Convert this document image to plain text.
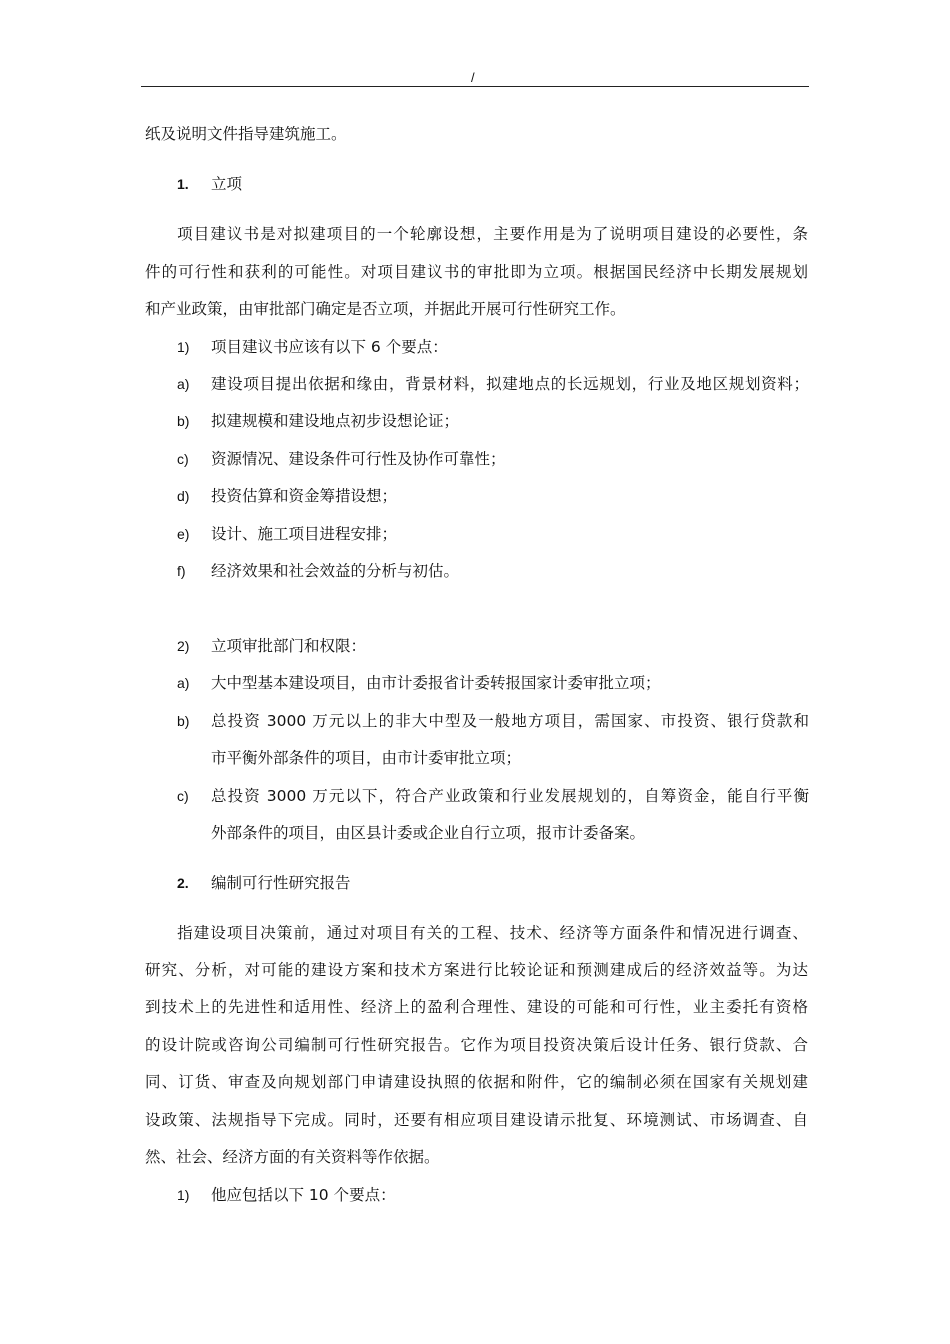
/
纸及说明文件指导建筑施工。
1. 立项
项目建议书是对拟建项目的一个轮廓设想，主要作用是为了说明项目建设的必要性，条
件的可行性和获利的可能性。对项目建议书的审批即为立项。根据国民经济中长期发展规划
和产业政策，由审批部门确定是否立项，并据此开展可行性研究工作。
1) 项目建议书应该有以下 6 个要点：
a) 建设项目提出依据和缘由，背景材料，拟建地点的长远规划，行业及地区规划资料；
b) 拟建规模和建设地点初步设想论证；
c) 资源情况、建设条件可行性及协作可靠性；
d) 投资估算和资金筹措设想；
e) 设计、施工项目进程安排；
f) 经济效果和社会效益的分析与初估。
2) 立项审批部门和权限：
a) 大中型基本建设项目，由市计委报省计委转报国家计委审批立项；
b) 总投资 3000 万元以上的非大中型及一般地方项目，需国家、市投资、银行贷款和
市平衡外部条件的项目，由市计委审批立项；
c) 总投资 3000 万元以下，符合产业政策和行业发展规划的，自筹资金，能自行平衡
外部条件的项目，由区县计委或企业自行立项，报市计委备案。
2. 编制可行性研究报告
指建设项目决策前，通过对项目有关的工程、技术、经济等方面条件和情况进行调查、
研究、分析，对可能的建设方案和技术方案进行比较论证和预测建成后的经济效益等。为达
到技术上的先进性和适用性、经济上的盈利合理性、建设的可能和可行性，业主委托有资格
的设计院或咨询公司编制可行性研究报告。它作为项目投资决策后设计任务、银行贷款、合
同、订货、审查及向规划部门申请建设执照的依据和附件，它的编制必须在国家有关规划建
设政策、法规指导下完成。同时，还要有相应项目建设请示批复、环境测试、市场调查、自
然、社会、经济方面的有关资料等作依据。
1) 他应包括以下 10 个要点：
